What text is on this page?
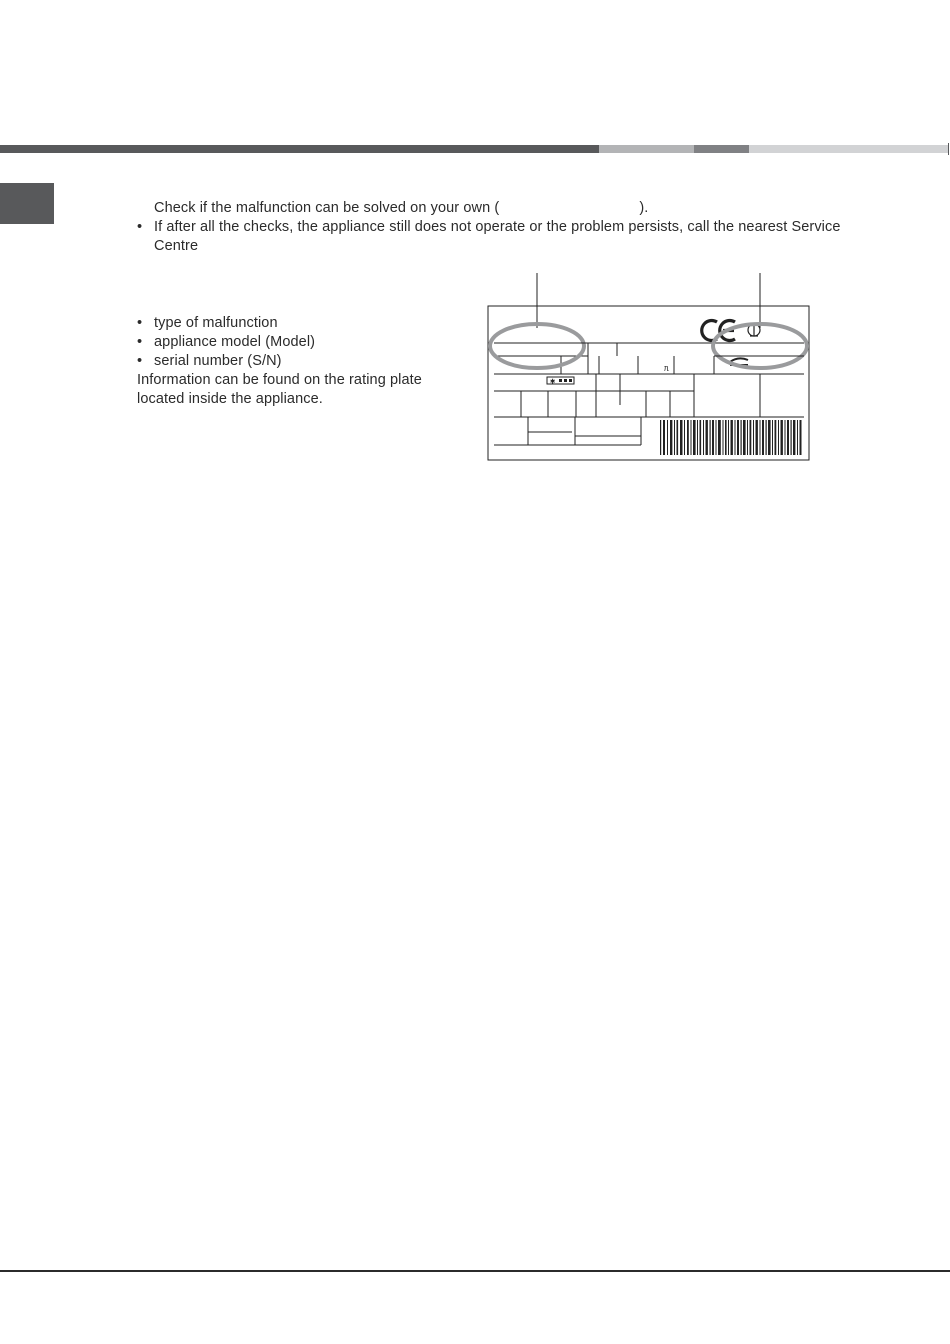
Check if the malfunction can be solved on your own (	).
• If after all the checks, the appliance still does not operate or the problem persists, call the nearest Service
Centre
• type of malfunction
• appliance model (Model)
• serial number (S/N)
Information can be found on the rating plate
located inside the appliance.
✱
ᥰ
